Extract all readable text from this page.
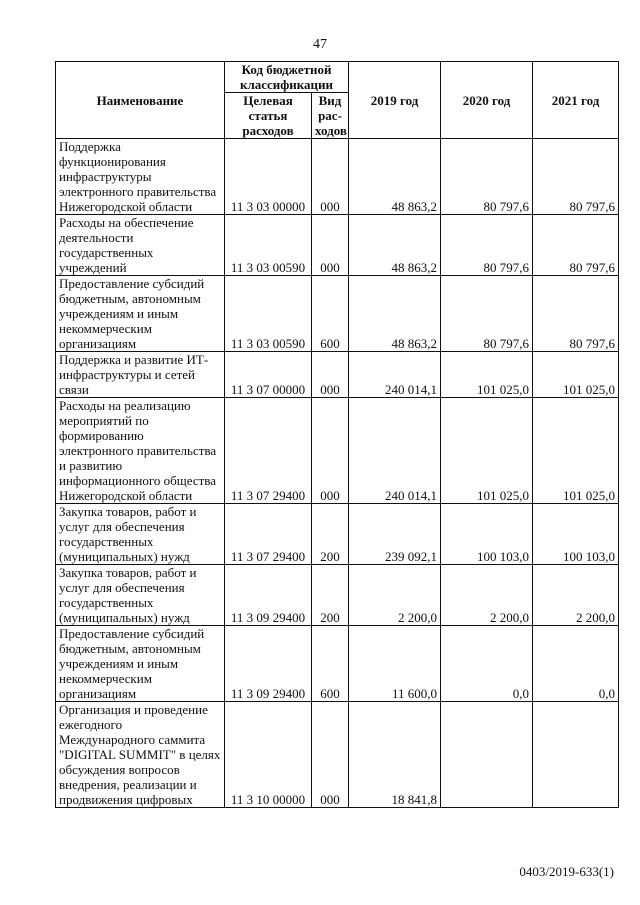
47
Наименование	Код бюджетной классификации		2019 год	2020 год	2021 год
	Целевая статья расходов	Вид рас-ходов			
Поддержка функционирования инфраструктуры электронного правительства Нижегородской области	11 3 03 00000	000	48 863,2	80 797,6	80 797,6
Расходы на обеспечение деятельности государственных учреждений	11 3 03 00590	000	48 863,2	80 797,6	80 797,6
Предоставление субсидий бюджетным, автономным учреждениям и иным некоммерческим организациям	11 3 03 00590	600	48 863,2	80 797,6	80 797,6
Поддержка и развитие ИТ-инфраструктуры и сетей связи	11 3 07 00000	000	240 014,1	101 025,0	101 025,0
Расходы на реализацию мероприятий по формированию электронного правительства и развитию информационного общества Нижегородской области	11 3 07 29400	000	240 014,1	101 025,0	101 025,0
Закупка товаров, работ и услуг для обеспечения государственных (муниципальных) нужд	11 3 07 29400	200	239 092,1	100 103,0	100 103,0
Закупка товаров, работ и услуг для обеспечения государственных (муниципальных) нужд	11 3 09 29400	200	2 200,0	2 200,0	2 200,0
Предоставление субсидий бюджетным, автономным учреждениям и иным некоммерческим организациям	11 3 09 29400	600	11 600,0	0,0	0,0
Организация и проведение ежегодного Международного саммита "DIGITAL SUMMIT" в целях обсуждения вопросов внедрения, реализации и продвижения цифровых	11 3 10 00000	000	18 841,8		
0403/2019-633(1)
